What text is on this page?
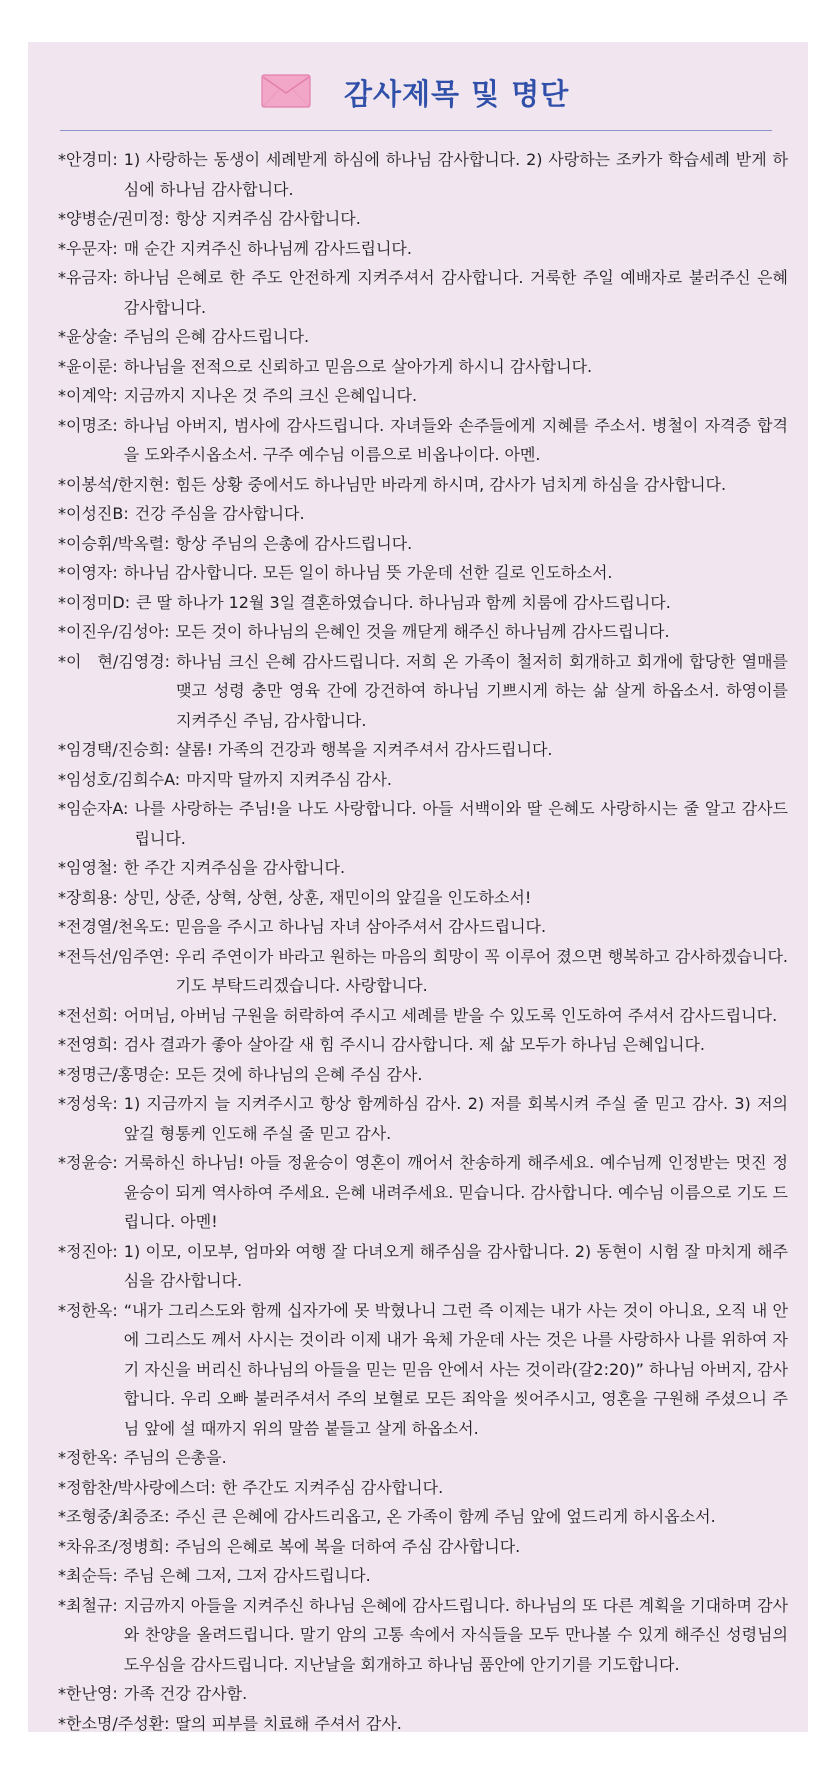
감사제목 및 명단
*안경미: 1) 사랑하는 동생이 세례받게 하심에 하나님 감사합니다. 2) 사랑하는 조카가 학습세례 받게 하심에 하나님 감사합니다.
*양병순/권미정: 항상 지켜주심 감사합니다.
*우문자: 매 순간 지켜주신 하나님께 감사드립니다.
*유금자: 하나님 은혜로 한 주도 안전하게 지켜주셔서 감사합니다. 거룩한 주일 예배자로 불러주신 은혜 감사합니다.
*윤상술: 주님의 은혜 감사드립니다.
*윤이룬: 하나님을 전적으로 신뢰하고 믿음으로 살아가게 하시니 감사합니다.
*이계악: 지금까지 지나온 것 주의 크신 은혜입니다.
*이명조: 하나님 아버지, 범사에 감사드립니다. 자녀들와 손주들에게 지혜를 주소서. 병철이 자격증 합격을 도와주시옵소서. 구주 예수님 이름으로 비옵나이다. 아멘.
*이봉석/한지현: 힘든 상황 중에서도 하나님만 바라게 하시며, 감사가 넘치게 하심을 감사합니다.
*이성진B: 건강 주심을 감사합니다.
*이승휘/박옥렬: 항상 주님의 은총에 감사드립니다.
*이영자: 하나님 감사합니다. 모든 일이 하나님 뜻 가운데 선한 길로 인도하소서.
*이정미D: 큰 딸 하나가 12월 3일 결혼하였습니다. 하나님과 함께 치룸에 감사드립니다.
*이진우/김성아: 모든 것이 하나님의 은혜인 것을 깨닫게 해주신 하나님께 감사드립니다.
*이　현/김영경: 하나님 크신 은혜 감사드립니다. 저희 온 가족이 철저히 회개하고 회개에 합당한 열매를 맺고 성령 충만 영육 간에 강건하여 하나님 기쁘시게 하는 삶 살게 하옵소서. 하영이를 지켜주신 주님, 감사합니다.
*임경택/진승희: 샬롬! 가족의 건강과 행복을 지켜주셔서 감사드립니다.
*임성호/김희수A: 마지막 달까지 지켜주심 감사.
*임순자A: 나를 사랑하는 주님!을 나도 사랑합니다. 아들 서백이와 딸 은혜도 사랑하시는 줄 알고 감사드립니다.
*임영철: 한 주간 지켜주심을 감사합니다.
*장희용: 상민, 상준, 상혁, 상현, 상훈, 재민이의 앞길을 인도하소서!
*전경열/천옥도: 믿음을 주시고 하나님 자녀 삼아주셔서 감사드립니다.
*전득선/임주연: 우리 주연이가 바라고 원하는 마음의 희망이 꼭 이루어 졌으면 행복하고 감사하겠습니다. 기도 부탁드리겠습니다. 사랑합니다.
*전선희: 어머님, 아버님 구원을 허락하여 주시고 세례를 받을 수 있도록 인도하여 주셔서 감사드립니다.
*전영희: 검사 결과가 좋아 살아갈 새 힘 주시니 감사합니다. 제 삶 모두가 하나님 은혜입니다.
*정명근/홍명순: 모든 것에 하나님의 은혜 주심 감사.
*정성욱: 1) 지금까지 늘 지켜주시고 항상 함께하심 감사. 2) 저를 회복시켜 주실 줄 믿고 감사. 3) 저의 앞길 형통케 인도해 주실 줄 믿고 감사.
*정윤승: 거룩하신 하나님! 아들 정윤승이 영혼이 깨어서 찬송하게 해주세요. 예수님께 인정받는 멋진 정윤승이 되게 역사하여 주세요. 은혜 내려주세요. 믿습니다. 감사합니다. 예수님 이름으로 기도 드립니다. 아멘!
*정진아: 1) 이모, 이모부, 엄마와 여행 잘 다녀오게 해주심을 감사합니다. 2) 동현이 시험 잘 마치게 해주심을 감사합니다.
*정한옥: “내가 그리스도와 함께 십자가에 못 박혔나니 그런 즉 이제는 내가 사는 것이 아니요, 오직 내 안에 그리스도 께서 사시는 것이라 이제 내가 육체 가운데 사는 것은 나를 사랑하사 나를 위하여 자기 자신을 버리신 하나님의 아들을 믿는 믿음 안에서 사는 것이라(갈2:20)” 하나님 아버지, 감사합니다. 우리 오빠 불러주셔서 주의 보혈로 모든 죄악을 씻어주시고, 영혼을 구원해 주셨으니 주님 앞에 설 때까지 위의 말씀 붙들고 살게 하옵소서.
*정한옥: 주님의 은총을.
*정함찬/박사랑에스더: 한 주간도 지켜주심 감사합니다.
*조형중/최증조: 주신 큰 은혜에 감사드리옵고, 온 가족이 함께 주님 앞에 엎드리게 하시옵소서.
*차유조/정병희: 주님의 은혜로 복에 복을 더하여 주심 감사합니다.
*최순득: 주님 은혜 그저, 그저 감사드립니다.
*최철규: 지금까지 아들을 지켜주신 하나님 은혜에 감사드립니다. 하나님의 또 다른 계획을 기대하며 감사와 찬양을 올려드립니다. 말기 암의 고통 속에서 자식들을 모두 만나볼 수 있게 해주신 성령님의 도우심을 감사드립니다. 지난날을 회개하고 하나님 품안에 안기기를 기도합니다.
*한난영: 가족 건강 감사함.
*한소명/주성환: 딸의 피부를 치료해 주셔서 감사.
